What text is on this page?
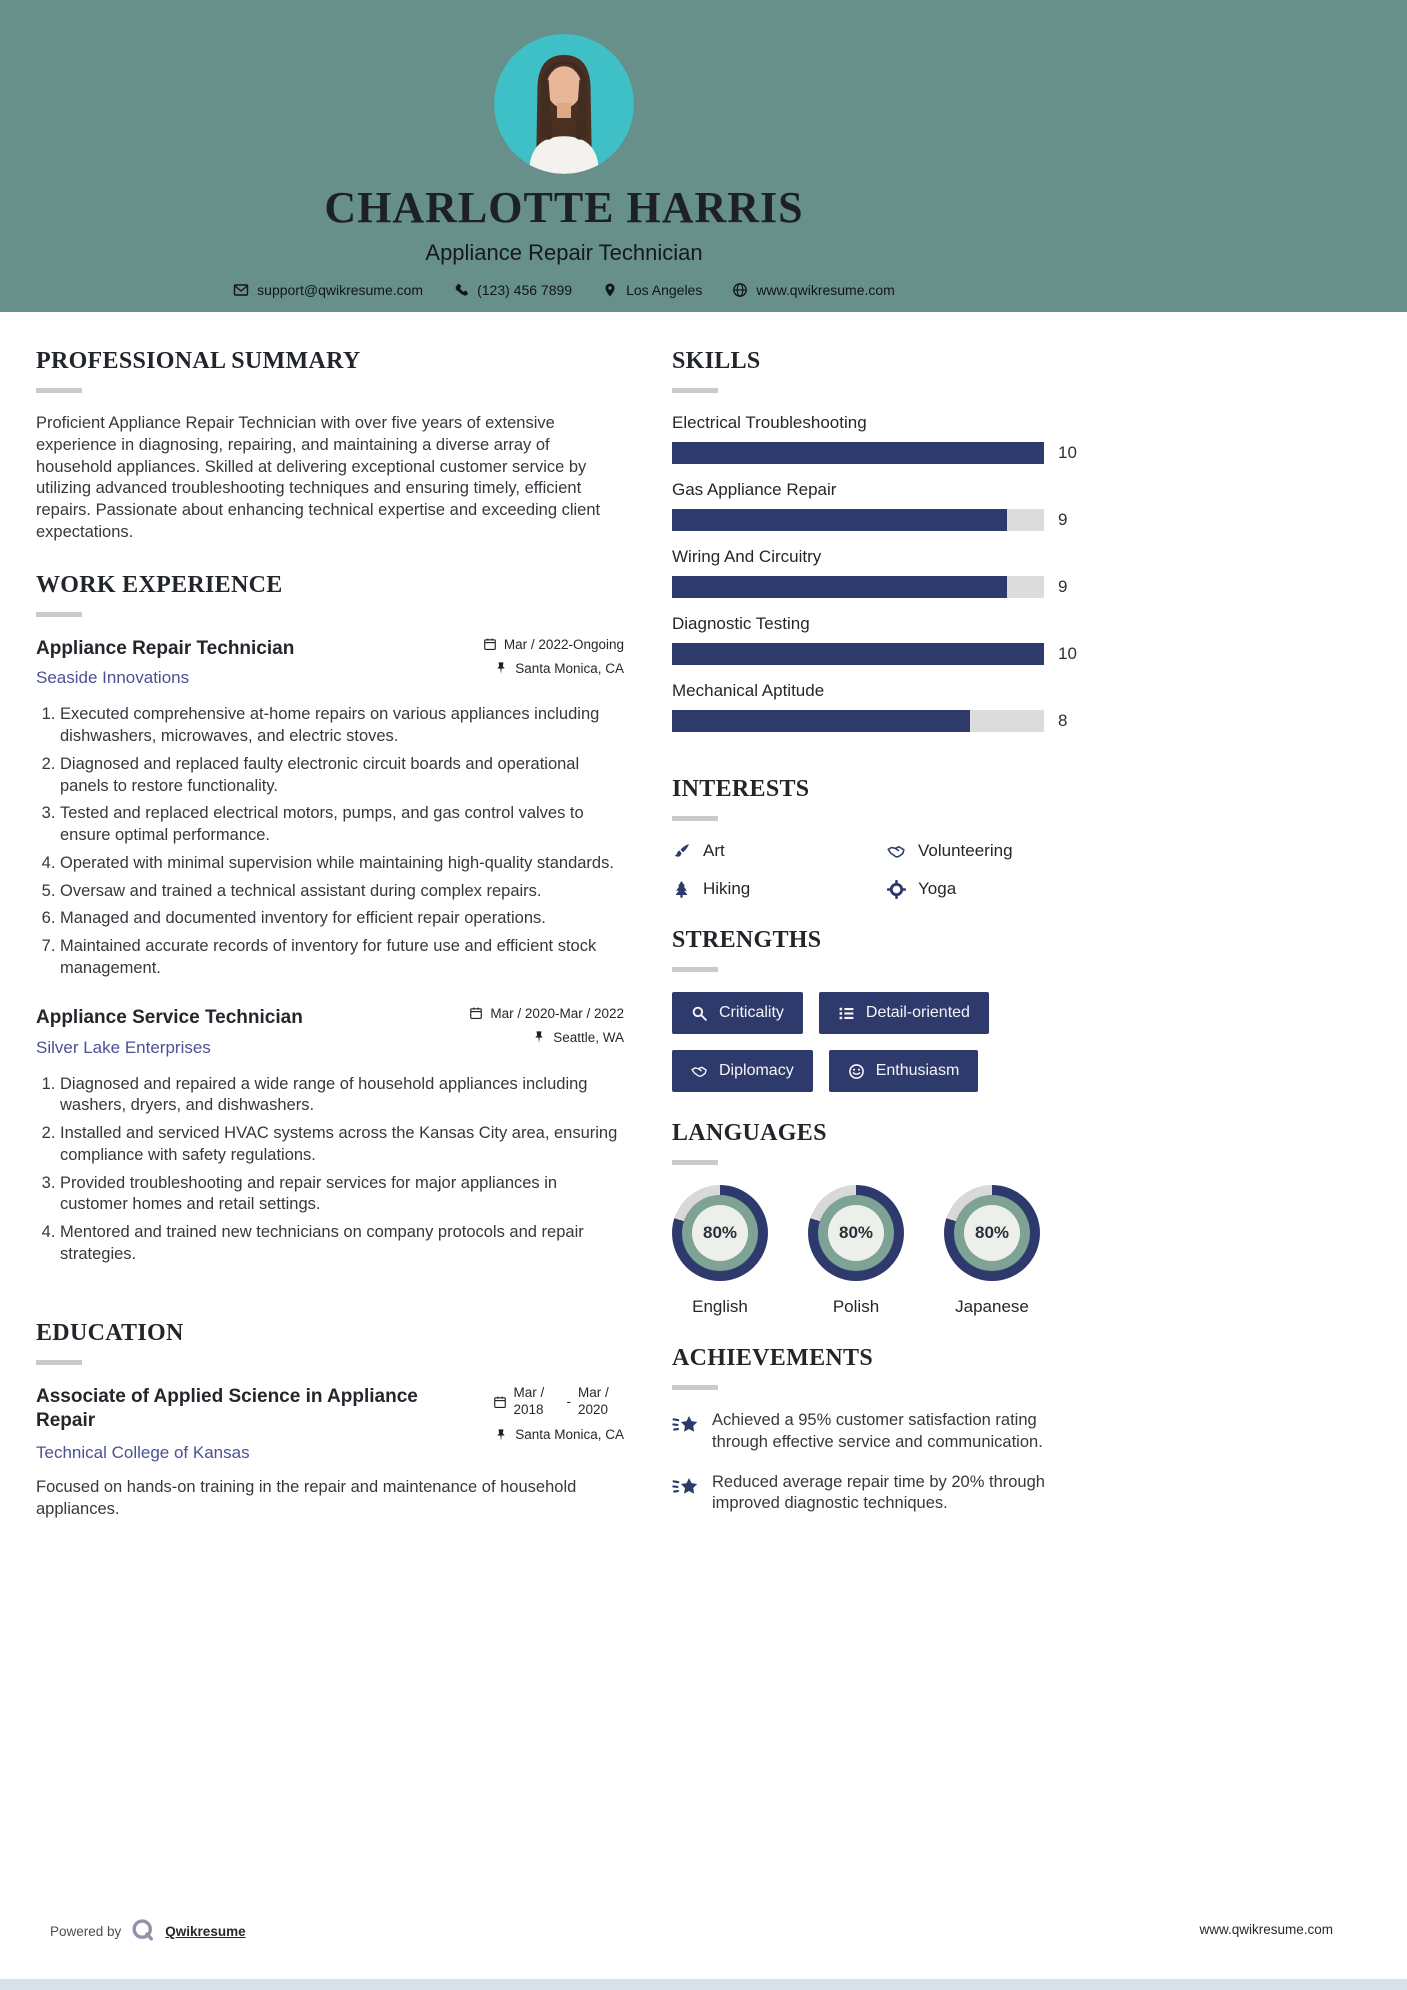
CHARLOTTE HARRIS
Appliance Repair Technician
support@qwikresume.com	(123) 456 7899	Los Angeles	www.qwikresume.com
PROFESSIONAL SUMMARY

Proficient Appliance Repair Technician with over five years of extensive experience in diagnosing, repairing, and maintaining a diverse array of household appliances. Skilled at delivering exceptional customer service by utilizing advanced troubleshooting techniques and ensuring timely, efficient repairs. Passionate about enhancing technical expertise and exceeding client expectations.

WORK EXPERIENCE
Appliance Repair Technician
Seaside Innovations
Mar / 2022-Ongoing
Santa Monica, CA
1. Executed comprehensive at-home repairs on various appliances including dishwashers, microwaves, and electric stoves.
2. Diagnosed and replaced faulty electronic circuit boards and operational panels to restore functionality.
3. Tested and replaced electrical motors, pumps, and gas control valves to ensure optimal performance.
4. Operated with minimal supervision while maintaining high-quality standards.
5. Oversaw and trained a technical assistant during complex repairs.
6. Managed and documented inventory for efficient repair operations.
7. Maintained accurate records of inventory for future use and efficient stock management.
Appliance Service Technician
Silver Lake Enterprises
Mar / 2020-Mar / 2022
Seattle, WA
1. Diagnosed and repaired a wide range of household appliances including washers, dryers, and dishwashers.
2. Installed and serviced HVAC systems across the Kansas City area, ensuring compliance with safety regulations.
3. Provided troubleshooting and repair services for major appliances in customer homes and retail settings.
4. Mentored and trained new technicians on company protocols and repair strategies.
EDUCATION
Associate of Applied Science in Appliance Repair
Technical College of Kansas
Mar / 2018	-
Mar / 2020
Santa Monica, CA

Focused on hands-on training in the repair and maintenance of household appliances.

SKILLS
Electrical Troubleshooting
10
Gas Appliance Repair
9
Wiring And Circuitry
9
Diagnostic Testing
10
Mechanical Aptitude
8
INTERESTS
Art	Volunteering
Hiking	Yoga
STRENGTHS
Criticality	Detail-oriented
Diplomacy	Enthusiasm
LANGUAGES
80%
English
80%
Polish
80%
Japanese
ACHIEVEMENTS
Achieved a 95% customer satisfaction rating through effective service and communication.
Reduced average repair time by 20% through improved diagnostic techniques.
Powered by	Qwikresume	www.qwikresume.com
